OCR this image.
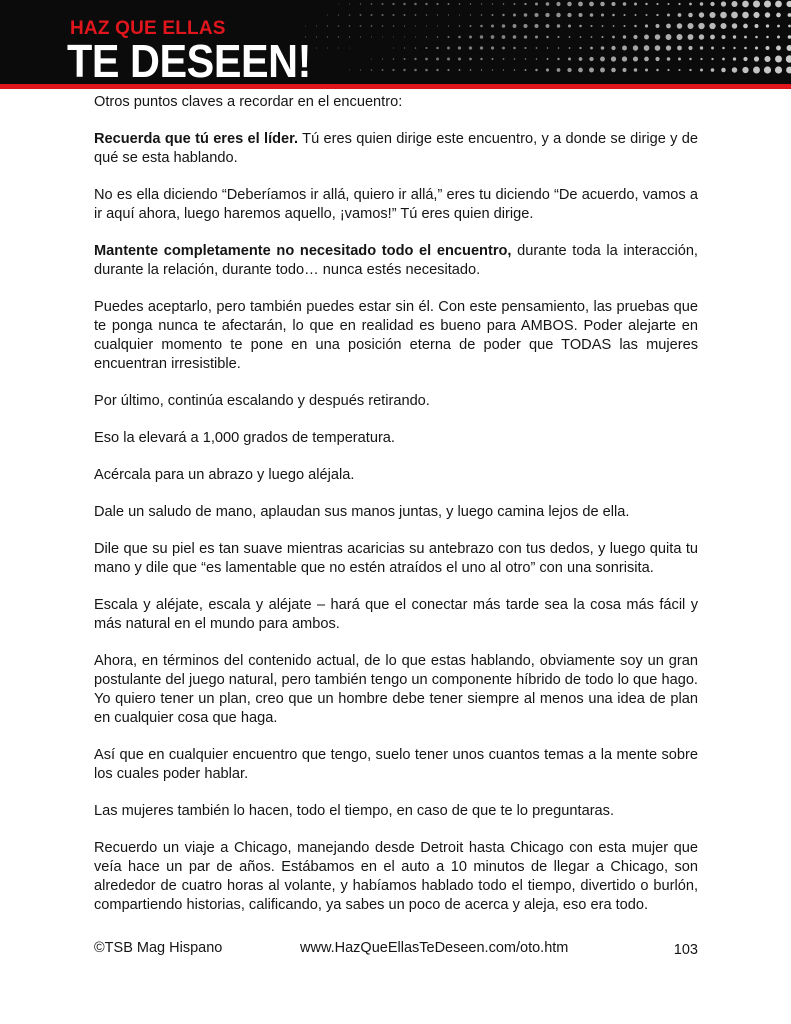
HAZ QUE ELLAS
TE DESEEN!

Otros puntos claves a recordar en el encuentro:

Recuerda que tú eres el líder. Tú eres quien dirige este encuentro, y a donde se dirige y de qué se esta hablando.

No es ella diciendo “Deberíamos ir allá, quiero ir allá,” eres tu diciendo “De acuerdo, vamos a ir aquí ahora, luego haremos aquello, ¡vamos!” Tú eres quien dirige.

Mantente completamente no necesitado todo el encuentro, durante toda la interacción, durante la relación, durante todo… nunca estés necesitado.

Puedes aceptarlo, pero también puedes estar sin él. Con este pensamiento, las pruebas que te ponga nunca te afectarán, lo que en realidad es bueno para AMBOS. Poder alejarte en cualquier momento te pone en una posición eterna de poder que TODAS las mujeres encuentran irresistible.

Por último, continúa escalando y después retirando.

Eso la elevará a 1,000 grados de temperatura.

Acércala para un abrazo y luego aléjala.

Dale un saludo de mano, aplaudan sus manos juntas, y luego camina lejos de ella.

Dile que su piel es tan suave mientras acaricias su antebrazo con tus dedos, y luego quita tu mano y dile que “es lamentable que no estén atraídos el uno al otro” con una sonrisita.

Escala y aléjate, escala y aléjate – hará que el conectar más tarde sea la cosa más fácil y más natural en el mundo para ambos.

Ahora, en términos del contenido actual, de lo que estas hablando, obviamente soy un gran postulante del juego natural, pero también tengo un componente híbrido de todo lo que hago. Yo quiero tener un plan, creo que un hombre debe tener siempre al menos una idea de plan en cualquier cosa que haga.

Así que en cualquier encuentro que tengo, suelo tener unos cuantos temas a la mente sobre los cuales poder hablar.

Las mujeres también lo hacen, todo el tiempo, en caso de que te lo preguntaras.

Recuerdo un viaje a Chicago, manejando desde Detroit hasta Chicago con esta mujer que veía hace un par de años. Estábamos en el auto a 10 minutos de llegar a Chicago, son alrededor de cuatro horas al volante, y habíamos hablado todo el tiempo, divertido o burlón, compartiendo historias, calificando, ya sabes un poco de acerca y aleja, eso era todo.

©TSB Mag Hispano	www.HazQueEllasTeDeseen.com/oto.htm	103
